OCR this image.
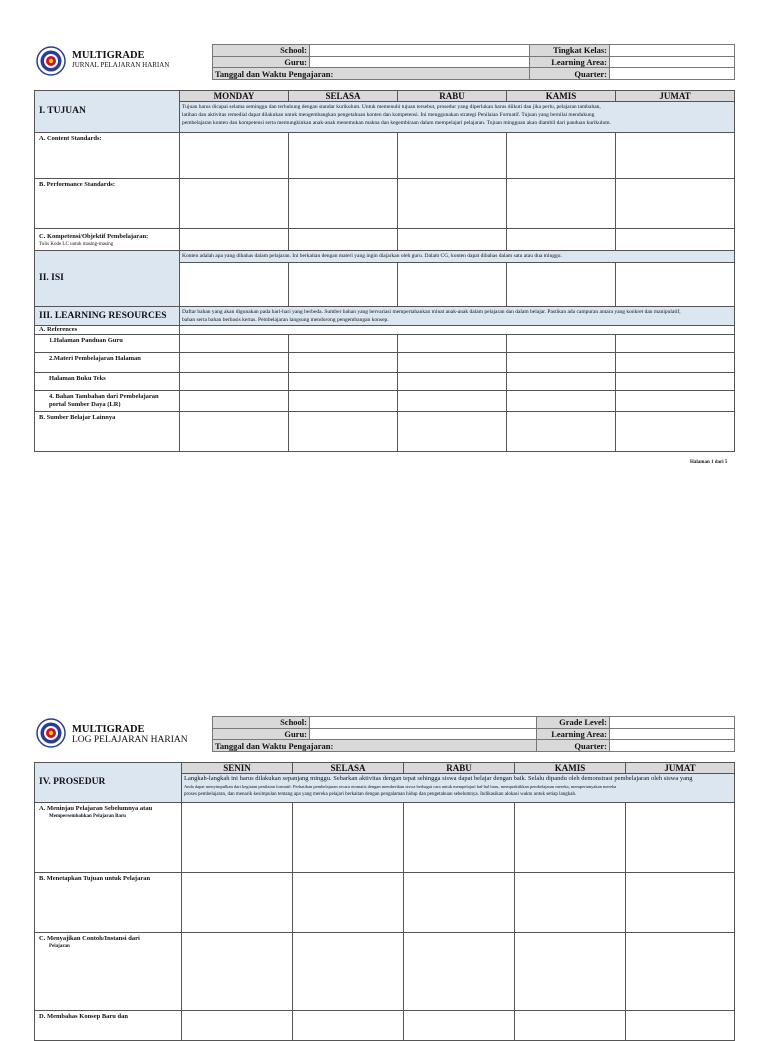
MULTIGRADE
JURNAL PELAJARAN HARIAN
School:		Tingkat Kelas:	
Guru:		Learning Area:	
Tanggal dan Waktu Pengajaran:		Quarter:	
I. TUJUAN	MONDAY	SELASA	RABU	KAMIS	JUMAT

	Tujuan harus dicapai selama seminggu dan terhubung dengan standar kurikulum. Untuk memenuhi tujuan tersebut, prosedur yang diperlukan harus diikuti dan jika perlu, pelajaran tambahan,
latihan dan aktivitas remedial dapat dilakukan untuk mengembangkan pengetahuan konten dan kompetensi. Ini menggunakan strategi Penilaian Formatif. Tujuan yang bernilai mendukung
pembelajaran konten dan kompetensi serta memungkinkan anak-anak menemukan makna dan kegembiraan dalam mempelajari pelajaran. Tujuan mingguan akan diambil dari panduan kurikulum.				

A. Content Standards:					
B. Performance Standards:					
C. Kompetensi/Objektif Pembelajaran:
Tulis Kode LC untuk masing-masing					

II. ISI	Konten adalah apa yang dibahas dalam pelajaran. Ini berkaitan dengan materi yang ingin diajarkan oleh guru. Dalam CG, konten dapat dibahas dalam satu atau dua minggu.				

III. LEARNING RESOURCES	Daftar bahan yang akan digunakan pada hari-hari yang berbeda. Sumber bahan yang bervariasi mempertahankan minat anak-anak dalam pelajaran dan dalam belajar. Pastikan ada campuran antara yang konkret dan manipulatif,
bahan serta bahan berbasis kertas. Pembelajaran langsung mendorong pengembangan konsep.				

A. References					
1.Halaman Panduan Guru					
2.Materi Pembelajaran Halaman					
Halaman Buku Teks					
4. Bahan Tambahan dari Pembelajaran portal Sumber Daya (LR)					
B. Sumber Belajar Lainnya					
Halaman 1 dari 5
MULTIGRADE
LOG PELAJARAN HARIAN
School:		Grade Level:	
Guru:		Learning Area:	
Tanggal dan Waktu Pengajaran:		Quarter:	
IV. PROSEDUR	SENIN	SELASA	RABU	KAMIS	JUMAT

	Langkah-langkah ini harus dilakukan sepanjang minggu. Sebarkan aktivitas dengan tepat sehingga siswa dapat belajar dengan baik. Selalu dipandu oleh demonstrasi pembelajaran oleh siswa yang
Anda dapat menyimpulkan dari kegiatan penilaian formatif. Perhatikan pembelajaran secara otomatis dengan memberikan siswa berbagai cara untuk mempelajari hal-hal baru, mempraktikkan pembelajaran mereka, mempertanyakan mereka
proses pembelajaran, dan menarik kesimpulan tentang apa yang mereka pelajari berkaitan dengan pengalaman hidup dan pengetahuan sebelumnya. Indikasikan alokasi waktu untuk setiap langkah.				

A. Meninjau Pelajaran Sebelumnya atau
Mempersembahkan Pelajaran Baru					

B. Menetapkan Tujuan untuk Pelajaran					
C. Menyajikan Contoh/Instansi dari
Pelajaran					

D. Membahas Konsep Baru dan					
